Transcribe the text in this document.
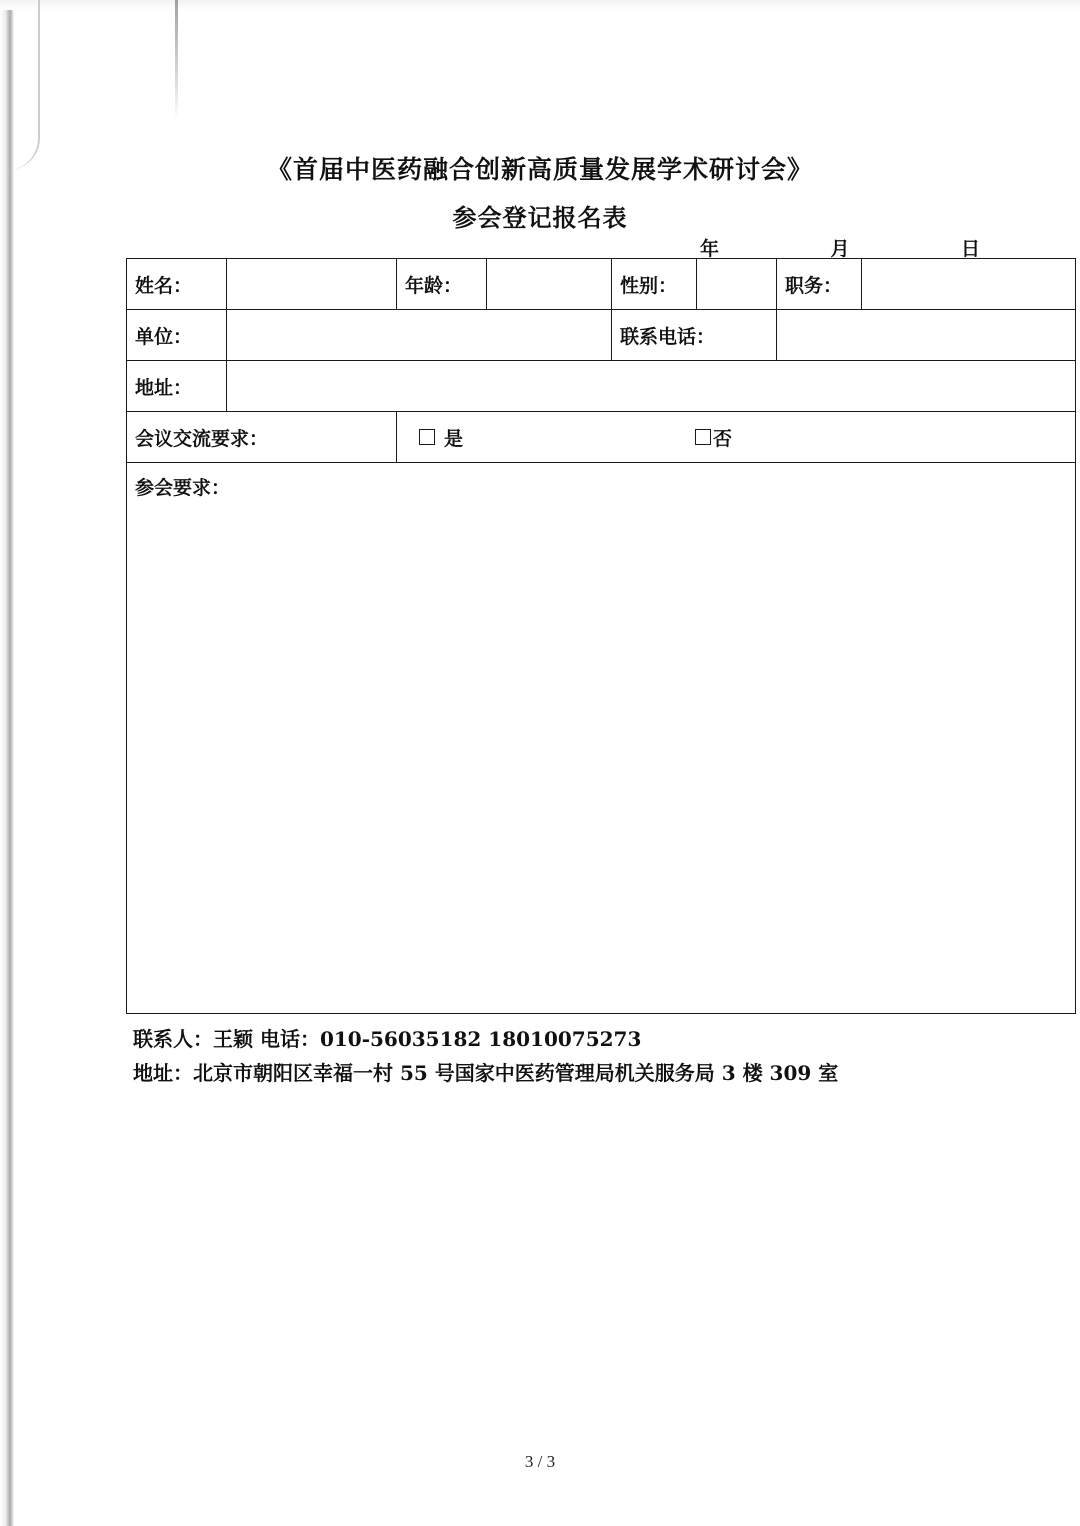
《首届中医药融合创新高质量发展学术研讨会》
参会登记报名表
年	月	日
姓名：		年龄：		性别：		职务：	
单位：				联系电话：			
地址：							
会议交流要求：		是 否					

参会要求：							
联系人：王颖 电话：010-56035182 18010075273
地址：北京市朝阳区幸福一村 55 号国家中医药管理局机关服务局 3 楼 309 室
3 / 3
